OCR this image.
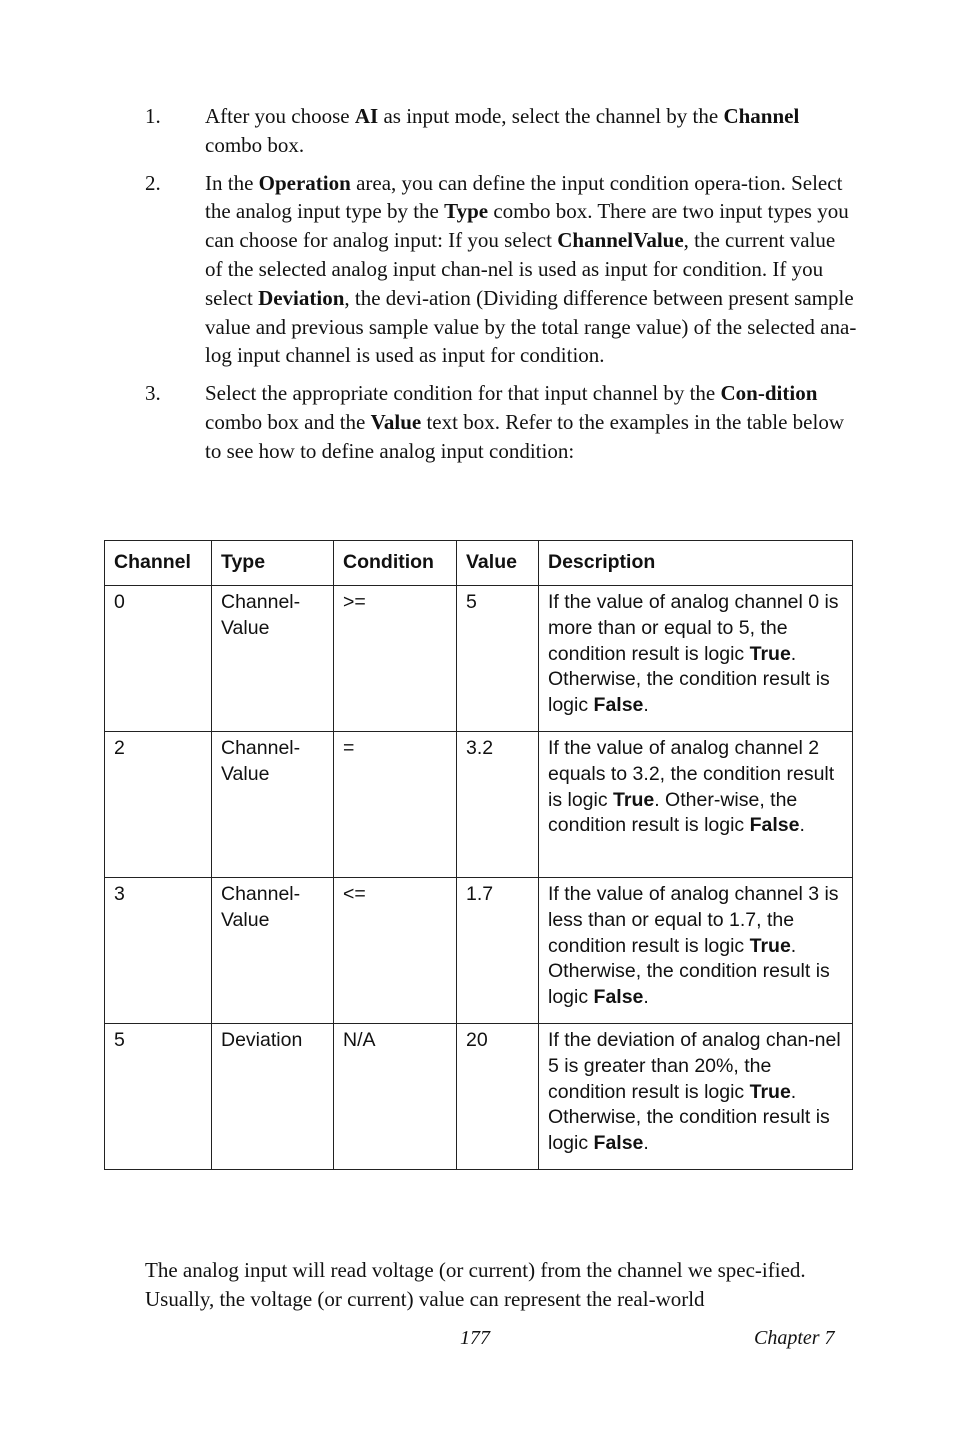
1. After you choose AI as input mode, select the channel by the Channel combo box.
2. In the Operation area, you can define the input condition opera-tion. Select the analog input type by the Type combo box. There are two input types you can choose for analog input: If you select ChannelValue, the current value of the selected analog input chan-nel is used as input for condition. If you select Deviation, the devi-ation (Dividing difference between present sample value and previous sample value by the total range value) of the selected ana-log input channel is used as input for condition.
3. Select the appropriate condition for that input channel by the Con-dition combo box and the Value text box. Refer to the examples in the table below to see how to define analog input condition:
Channel	Type	Condition	Value	Description
0	Channel-Value	>=	5	If the value of analog channel 0 is more than or equal to 5, the condition result is logic True. Otherwise, the condition result is logic False.
2	Channel-Value	=	3.2	If the value of analog channel 2 equals to 3.2, the condition result is logic True. Other-wise, the condition result is logic False.
3	Channel-Value	<=	1.7	If the value of analog channel 3 is less than or equal to 1.7, the condition result is logic True. Otherwise, the condition result is logic False.
5	Deviation	N/A	20	If the deviation of analog chan-nel 5 is greater than 20%, the condition result is logic True. Otherwise, the condition result is logic False.

The analog input will read voltage (or current) from the channel we spec-ified. Usually, the voltage (or current) value can represent the real-world

177	Chapter 7
